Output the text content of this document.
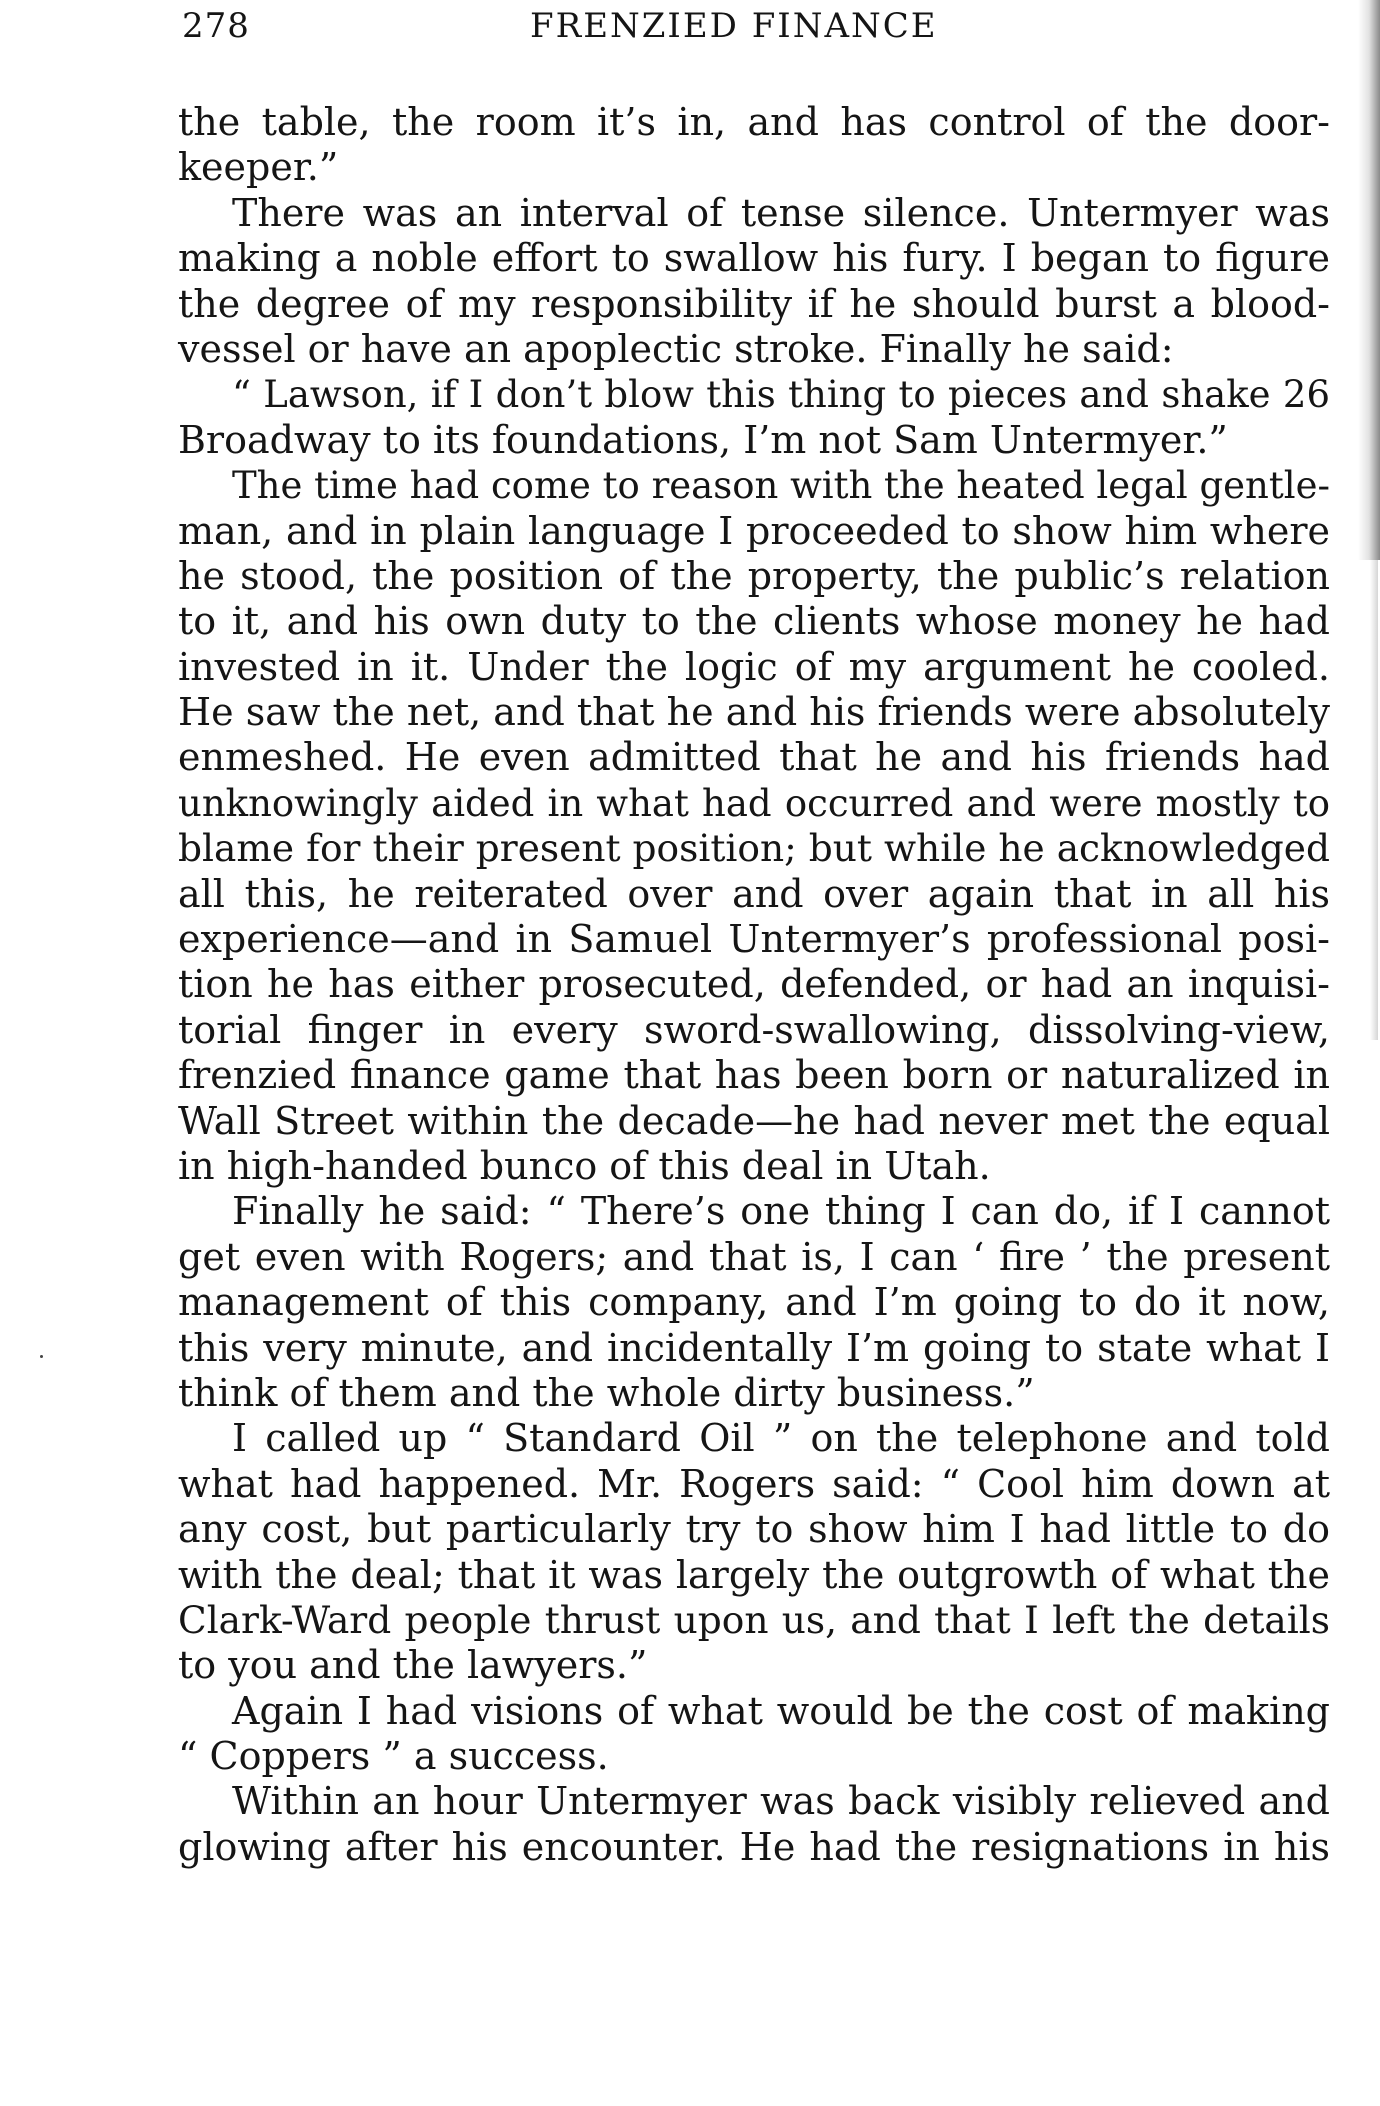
278	FRENZIED FINANCE
the table, the room it’s in, and has control of the door-
keeper.”
There was an interval of tense silence. Untermyer was
making a noble effort to swallow his fury. I began to figure
the degree of my responsibility if he should burst a blood-
vessel or have an apoplectic stroke. Finally he said:
“ Lawson, if I don’t blow this thing to pieces and shake 26
Broadway to its foundations, I’m not Sam Untermyer.”
The time had come to reason with the heated legal gentle-
man, and in plain language I proceeded to show him where
he stood, the position of the property, the public’s relation
to it, and his own duty to the clients whose money he had
invested in it. Under the logic of my argument he cooled.
He saw the net, and that he and his friends were absolutely
enmeshed. He even admitted that he and his friends had
unknowingly aided in what had occurred and were mostly to
blame for their present position; but while he acknowledged
all this, he reiterated over and over again that in all his
experience—and in Samuel Untermyer’s professional posi-
tion he has either prosecuted, defended, or had an inquisi-
torial finger in every sword-swallowing, dissolving-view,
frenzied finance game that has been born or naturalized in
Wall Street within the decade—he had never met the equal
in high-handed bunco of this deal in Utah.
Finally he said: “ There’s one thing I can do, if I cannot
get even with Rogers; and that is, I can ‘ fire ’ the present
management of this company, and I’m going to do it now,
this very minute, and incidentally I’m going to state what I
think of them and the whole dirty business.”
I called up “ Standard Oil ” on the telephone and told
what had happened. Mr. Rogers said: “ Cool him down at
any cost, but particularly try to show him I had little to do
with the deal; that it was largely the outgrowth of what the
Clark-Ward people thrust upon us, and that I left the details
to you and the lawyers.”
Again I had visions of what would be the cost of making
“ Coppers ” a success.
Within an hour Untermyer was back visibly relieved and
glowing after his encounter. He had the resignations in his
